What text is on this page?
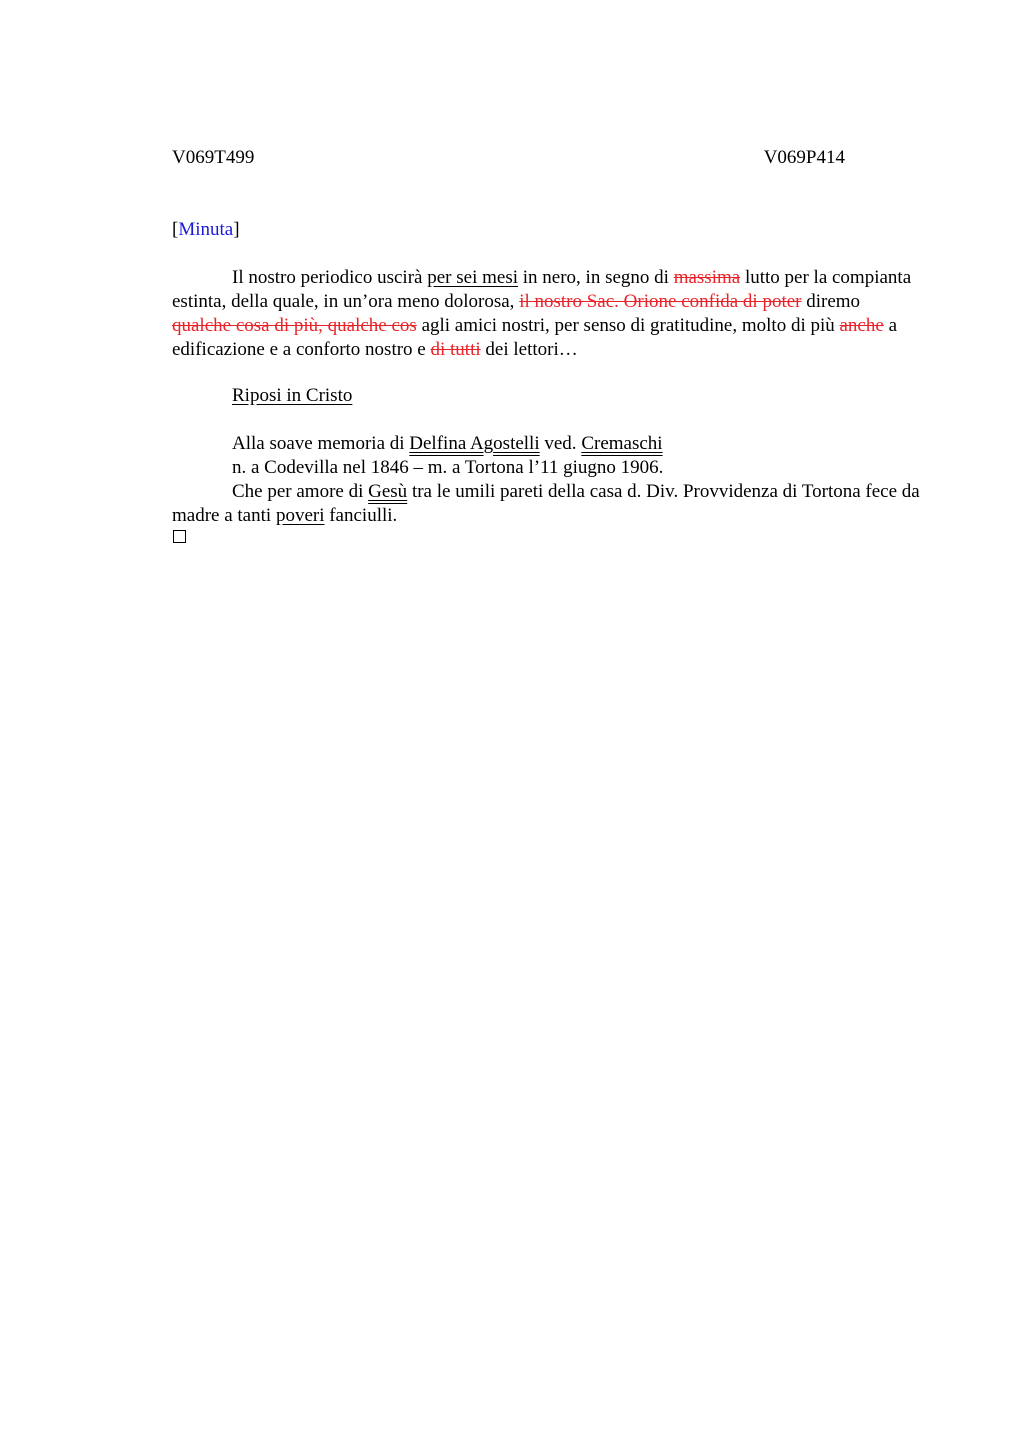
V069T499	V069P414
[Minuta]
Il nostro periodico uscirà per sei mesi in nero, in segno di massima lutto per la compianta estinta, della quale, in un’ora meno dolorosa, il nostro Sac. Orione confida di poter diremo qualche cosa di più, qualche cos agli amici nostri, per senso di gratitudine, molto di più anche a edificazione e a conforto nostro e di tutti dei lettori…
Riposi in Cristo
Alla soave memoria di Delfina Agostelli ved. Cremaschi
n. a Codevilla nel 1846 – m. a Tortona l’11 giugno 1906.
Che per amore di Gesù tra le umili pareti della casa d. Div. Provvidenza di Tortona fece da madre a tanti poveri fanciulli.
